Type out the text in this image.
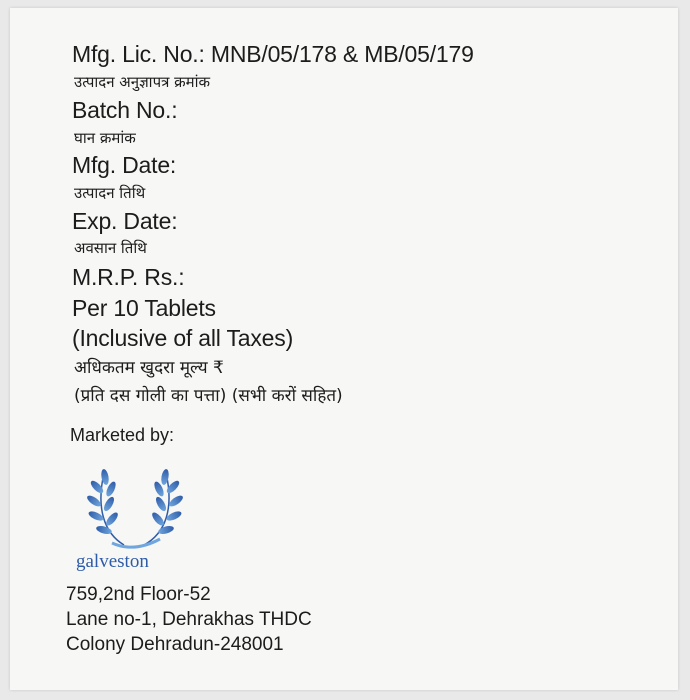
Mfg. Lic. No.: MNB/05/178 & MB/05/179
उत्पादन अनुज्ञापत्र क्रमांक
Batch No.:
घान क्रमांक
Mfg. Date:
उत्पादन तिथि
Exp. Date:
अवसान तिथि
M.R.P. Rs.:
Per 10 Tablets
(Inclusive of all Taxes)
अधिकतम खुदरा मूल्य ₹
(प्रति दस गोली का पत्ता) (सभी करों सहित)
Marketed by:
galveston
759,2nd Floor-52
Lane no-1, Dehrakhas THDC
Colony Dehradun-248001
